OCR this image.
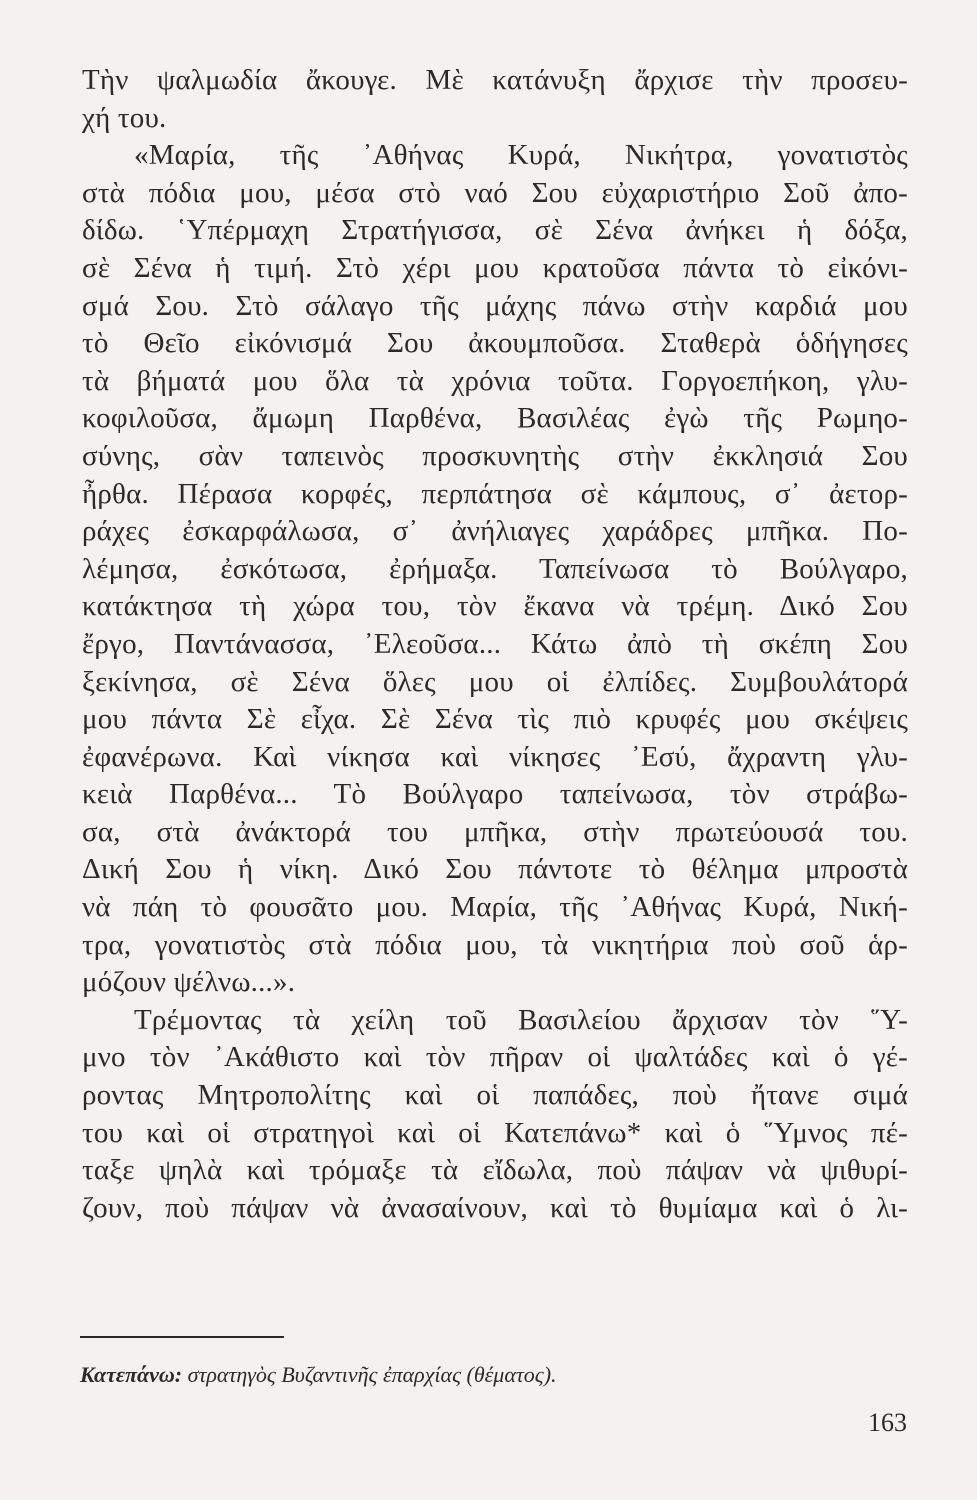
Τὴν ψαλμωδία ἄκουγε. Μὲ κατάνυξη ἄρχισε τὴν προσευ-
χή του.
«Μαρία, τῆς ᾿Αθήνας Κυρά, Νικήτρα, γονατιστὸς
στὰ πόδια μου, μέσα στὸ ναό Σου εὐχαριστήριο Σοῦ ἀπο-
δίδω. ῾Υπέρμαχη Στρατήγισσα, σὲ Σένα ἀνήκει ἡ δόξα,
σὲ Σένα ἡ τιμή. Στὸ χέρι μου κρατοῦσα πάντα τὸ εἰκόνι-
σμά Σου. Στὸ σάλαγο τῆς μάχης πάνω στὴν καρδιά μου
τὸ Θεῖο εἰκόνισμά Σου ἀκουμποῦσα. Σταθερὰ ὁδήγησες
τὰ βήματά μου ὅλα τὰ χρόνια τοῦτα. Γοργοεπήκοη, γλυ-
κοφιλοῦσα, ἄμωμη Παρθένα, Βασιλέας ἐγὼ τῆς Ρωμηο-
σύνης, σὰν ταπεινὸς προσκυνητὴς στὴν ἐκκλησιά Σου
ἦρθα. Πέρασα κορφές, περπάτησα σὲ κάμπους, σ᾿ ἀετορ-
ράχες ἐσκαρφάλωσα, σ᾿ ἀνήλιαγες χαράδρες μπῆκα. Πο-
λέμησα, ἐσκότωσα, ἐρήμαξα. Ταπείνωσα τὸ Βούλγαρο,
κατάκτησα τὴ χώρα του, τὸν ἔκανα νὰ τρέμη. Δικό Σου
ἔργο, Παντάνασσα, ᾿Ελεοῦσα... Κάτω ἀπὸ τὴ σκέπη Σου
ξεκίνησα, σὲ Σένα ὅλες μου οἱ ἐλπίδες. Συμβουλάτορά
μου πάντα Σὲ εἶχα. Σὲ Σένα τὶς πιὸ κρυφές μου σκέψεις
ἐφανέρωνα. Καὶ νίκησα καὶ νίκησες ᾿Εσύ, ἄχραντη γλυ-
κειὰ Παρθένα... Τὸ Βούλγαρο ταπείνωσα, τὸν στράβω-
σα, στὰ ἀνάκτορά του μπῆκα, στὴν πρωτεύουσά του.
Δική Σου ἡ νίκη. Δικό Σου πάντοτε τὸ θέλημα μπροστὰ
νὰ πάη τὸ φουσᾶτο μου. Μαρία, τῆς ᾿Αθήνας Κυρά, Νική-
τρα, γονατιστὸς στὰ πόδια μου, τὰ νικητήρια ποὺ σοῦ ἁρ-
μόζουν ψέλνω...».
Τρέμοντας τὰ χείλη τοῦ Βασιλείου ἄρχισαν τὸν ῞Υ-
μνο τὸν ᾿Ακάθιστο καὶ τὸν πῆραν οἱ ψαλτάδες καὶ ὁ γέ-
ροντας Μητροπολίτης καὶ οἱ παπάδες, ποὺ ἤτανε σιμά
του καὶ οἱ στρατηγοὶ καὶ οἱ Κατεπάνω* καὶ ὁ ῞Υμνος πέ-
ταξε ψηλὰ καὶ τρόμαξε τὰ εἴδωλα, ποὺ πάψαν νὰ ψιθυρί-
ζουν, ποὺ πάψαν νὰ ἀνασαίνουν, καὶ τὸ θυμίαμα καὶ ὁ λι-
Κατεπάνω: στρατηγὸς Βυζαντινῆς ἐπαρχίας (θέματος).
163
